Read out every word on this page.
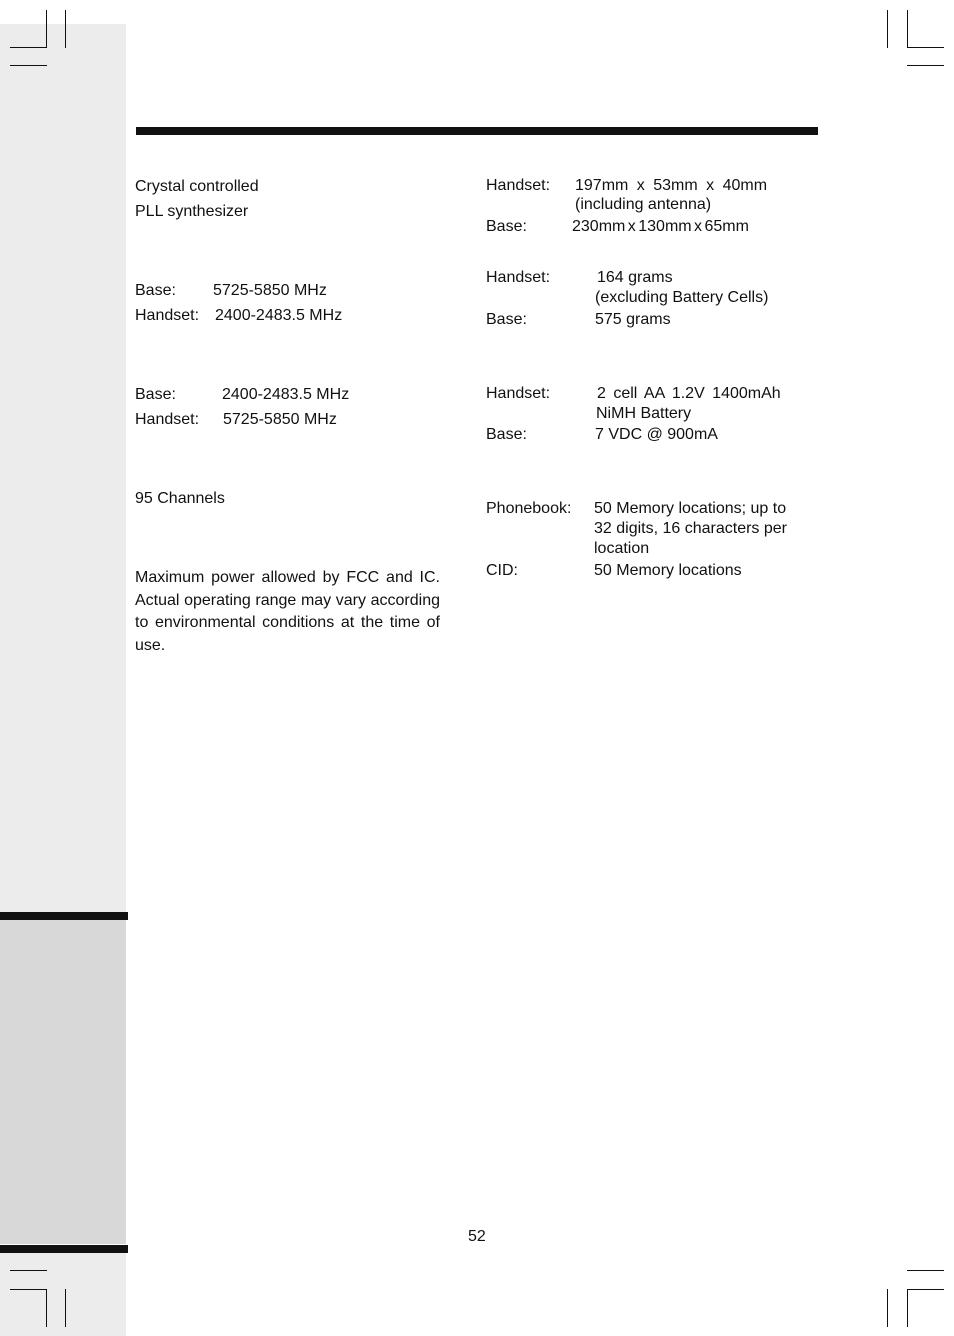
Crystal controlled
PLL synthesizer
Base: 5725-5850 MHz
Handset: 2400-2483.5 MHz
Base:	2400-2483.5 MHz
Handset: 5725-5850 MHz
95 Channels
Maximum power allowed by FCC and IC. Actual operating range may vary according to environmental conditions at the time of use.
Handset: 197mm x 53mm x 40mm
(including antenna)
Base:	230mm x 130mm x 65mm
Handset:	164 grams
(excluding Battery Cells)
Base:	575 grams
Handset:	2 cell AA 1.2V 1400mAh
NiMH Battery
Base:	7 VDC @ 900mA
Phonebook: 50 Memory locations; up to
32 digits, 16 characters per
location
CID:	50 Memory locations
52
